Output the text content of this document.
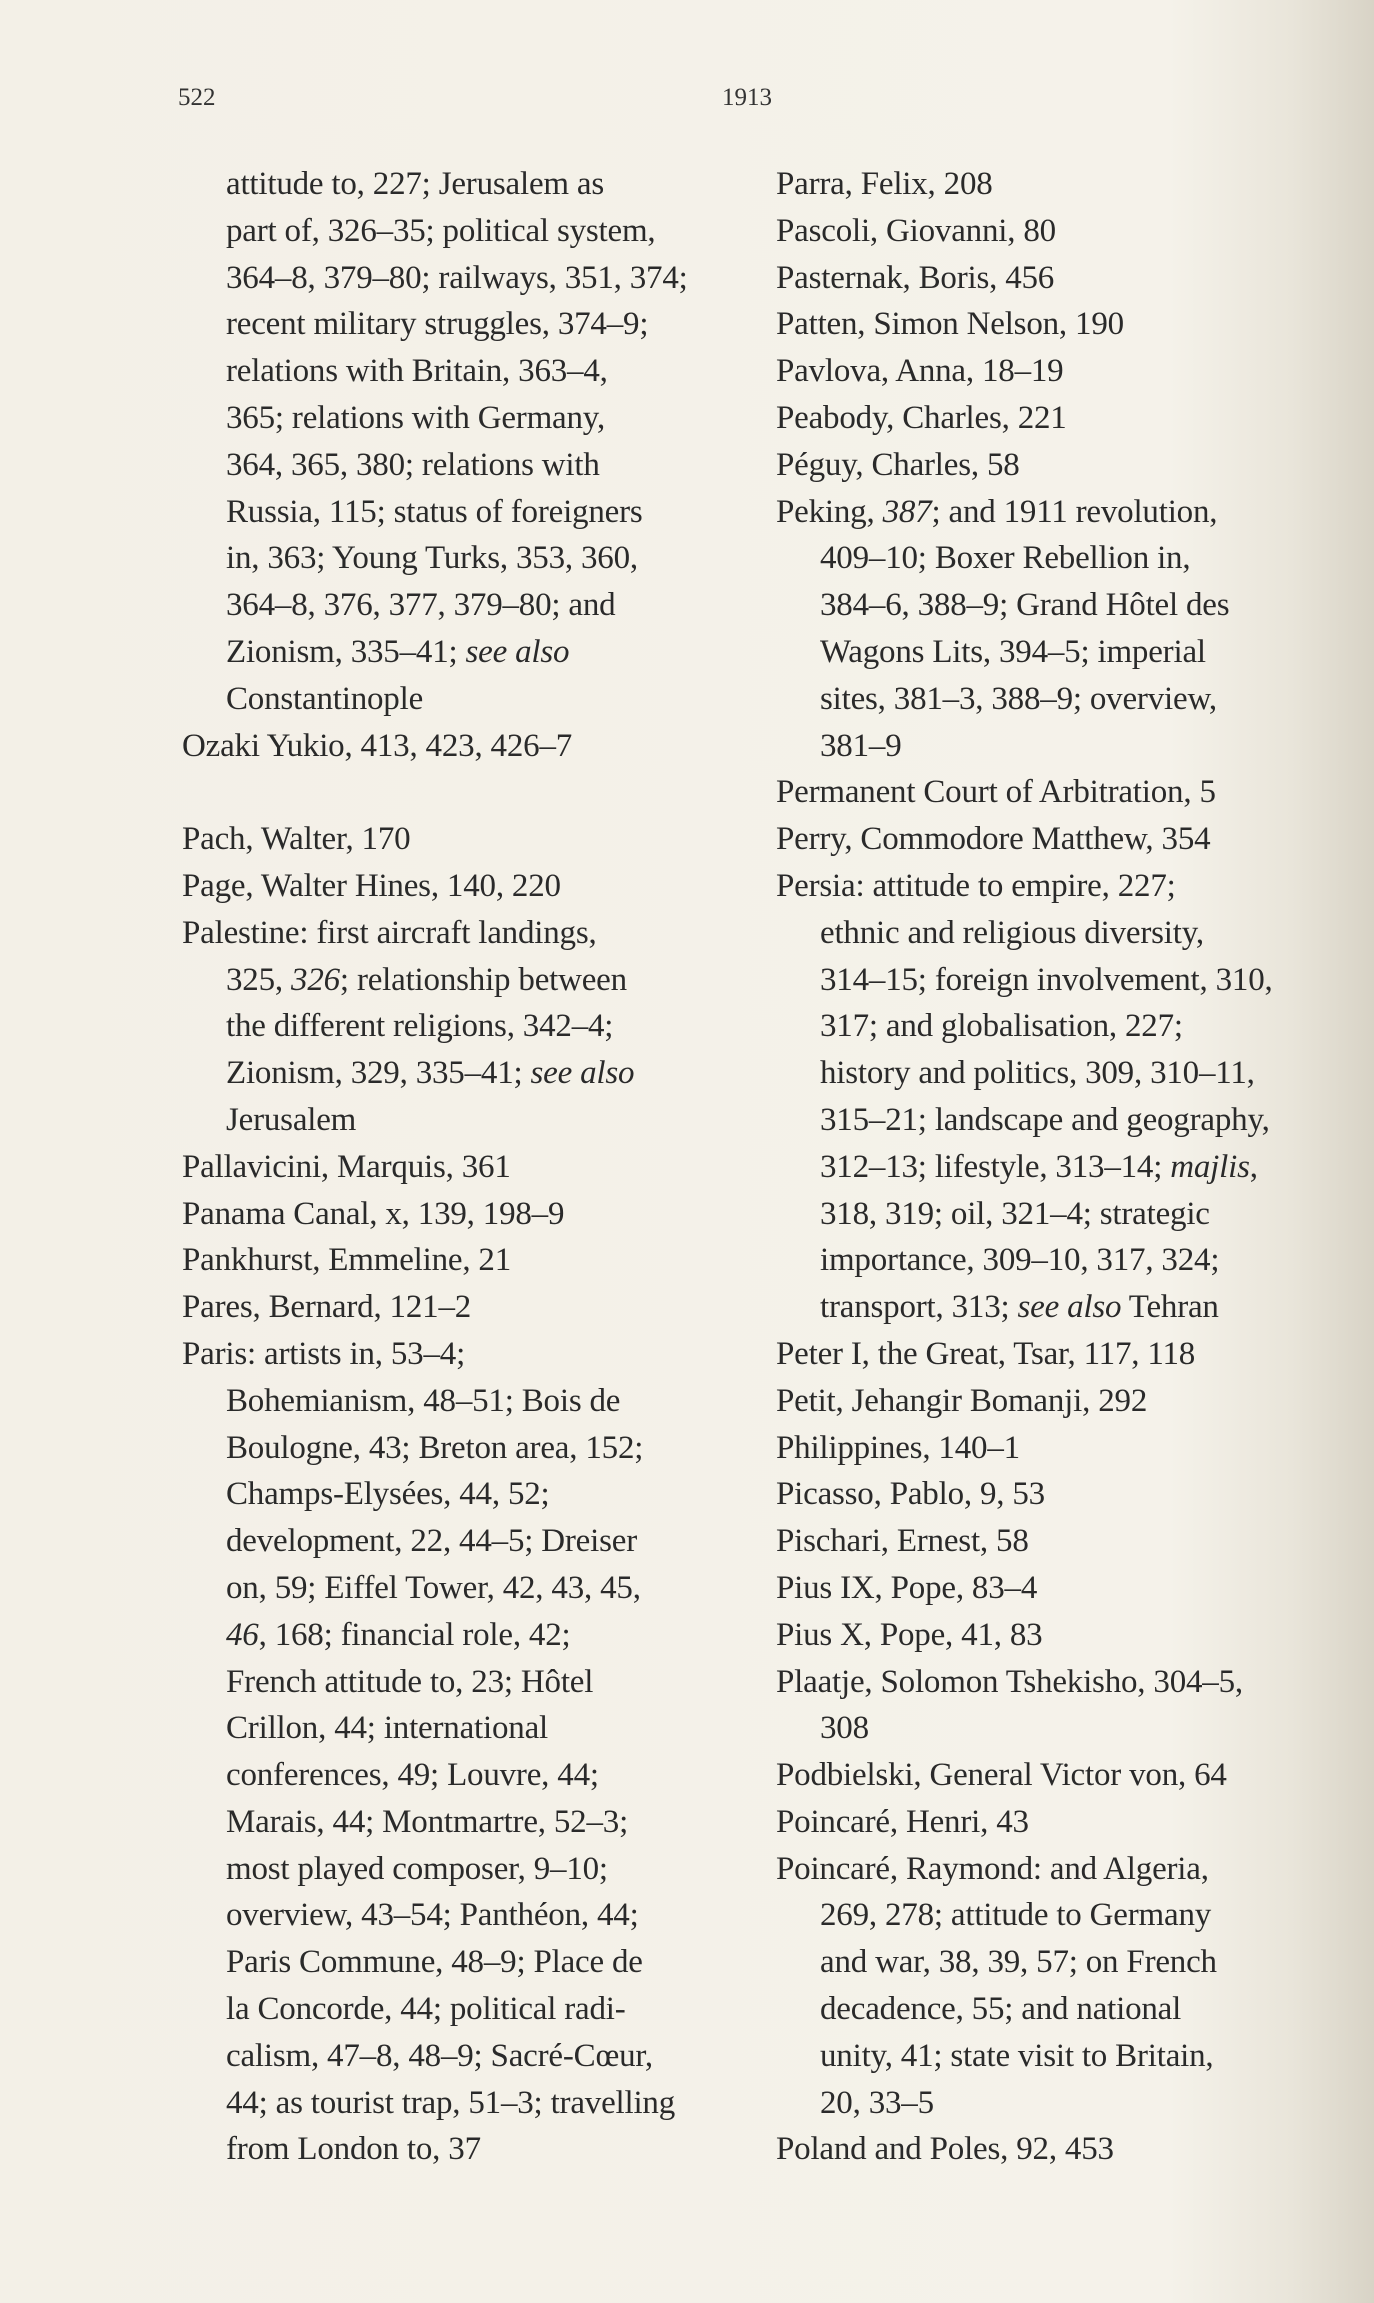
522	1913
attitude to, 227; Jerusalem as
part of, 326–35; political system,
364–8, 379–80; railways, 351, 374;
recent military struggles, 374–9;
relations with Britain, 363–4,
365; relations with Germany,
364, 365, 380; relations with
Russia, 115; status of foreigners
in, 363; Young Turks, 353, 360,
364–8, 376, 377, 379–80; and
Zionism, 335–41; see also
Constantinople
Ozaki Yukio, 413, 423, 426–7
Pach, Walter, 170
Page, Walter Hines, 140, 220
Palestine: first aircraft landings,
325, 326; relationship between
the different religions, 342–4;
Zionism, 329, 335–41; see also
Jerusalem
Pallavicini, Marquis, 361
Panama Canal, x, 139, 198–9
Pankhurst, Emmeline, 21
Pares, Bernard, 121–2
Paris: artists in, 53–4;
Bohemianism, 48–51; Bois de
Boulogne, 43; Breton area, 152;
Champs-Elysées, 44, 52;
development, 22, 44–5; Dreiser
on, 59; Eiffel Tower, 42, 43, 45,
46, 168; financial role, 42;
French attitude to, 23; Hôtel
Crillon, 44; international
conferences, 49; Louvre, 44;
Marais, 44; Montmartre, 52–3;
most played composer, 9–10;
overview, 43–54; Panthéon, 44;
Paris Commune, 48–9; Place de
la Concorde, 44; political radi-
calism, 47–8, 48–9; Sacré-Cœur,
44; as tourist trap, 51–3; travelling
from London to, 37
Parra, Felix, 208
Pascoli, Giovanni, 80
Pasternak, Boris, 456
Patten, Simon Nelson, 190
Pavlova, Anna, 18–19
Peabody, Charles, 221
Péguy, Charles, 58
Peking, 387; and 1911 revolution,
409–10; Boxer Rebellion in,
384–6, 388–9; Grand Hôtel des
Wagons Lits, 394–5; imperial
sites, 381–3, 388–9; overview,
381–9
Permanent Court of Arbitration, 5
Perry, Commodore Matthew, 354
Persia: attitude to empire, 227;
ethnic and religious diversity,
314–15; foreign involvement, 310,
317; and globalisation, 227;
history and politics, 309, 310–11,
315–21; landscape and geography,
312–13; lifestyle, 313–14; majlis,
318, 319; oil, 321–4; strategic
importance, 309–10, 317, 324;
transport, 313; see also Tehran
Peter I, the Great, Tsar, 117, 118
Petit, Jehangir Bomanji, 292
Philippines, 140–1
Picasso, Pablo, 9, 53
Pischari, Ernest, 58
Pius IX, Pope, 83–4
Pius X, Pope, 41, 83
Plaatje, Solomon Tshekisho, 304–5,
308
Podbielski, General Victor von, 64
Poincaré, Henri, 43
Poincaré, Raymond: and Algeria,
269, 278; attitude to Germany
and war, 38, 39, 57; on French
decadence, 55; and national
unity, 41; state visit to Britain,
20, 33–5
Poland and Poles, 92, 453
